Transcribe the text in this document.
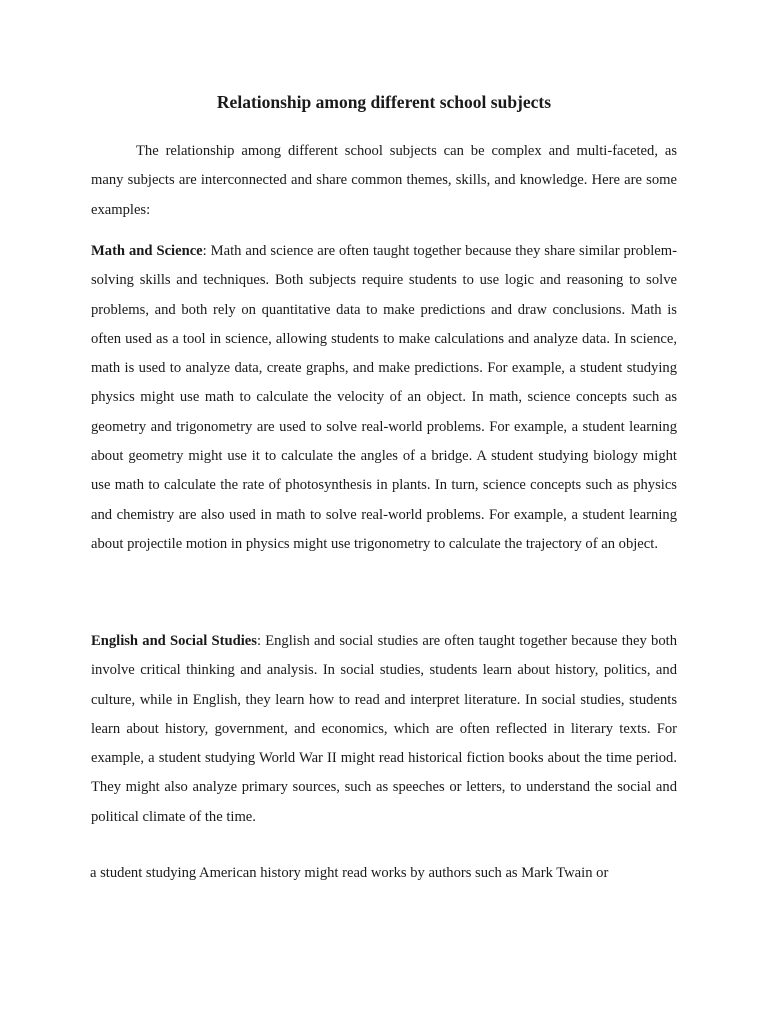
Relationship among different school subjects

The relationship among different school subjects can be complex and multi-faceted, as many subjects are interconnected and share common themes, skills, and knowledge. Here are some examples:

Math and Science: Math and science are often taught together because they share similar problem-solving skills and techniques. Both subjects require students to use logic and reasoning to solve problems, and both rely on quantitative data to make predictions and draw conclusions. Math is often used as a tool in science, allowing students to make calculations and analyze data. In science, math is used to analyze data, create graphs, and make predictions. For example, a student studying physics might use math to calculate the velocity of an object. In math, science concepts such as geometry and trigonometry are used to solve real-world problems. For example, a student learning about geometry might use it to calculate the angles of a bridge. A student studying biology might use math to calculate the rate of photosynthesis in plants. In turn, science concepts such as physics and chemistry are also used in math to solve real-world problems. For example, a student learning about projectile motion in physics might use trigonometry to calculate the trajectory of an object.

English and Social Studies: English and social studies are often taught together because they both involve critical thinking and analysis. In social studies, students learn about history, politics, and culture, while in English, they learn how to read and interpret literature. In social studies, students learn about history, government, and economics, which are often reflected in literary texts. For example, a student studying World War II might read historical fiction books about the time period. They might also analyze primary sources, such as speeches or letters, to understand the social and political climate of the time.

a student studying American history might read works by authors such as Mark Twain or
